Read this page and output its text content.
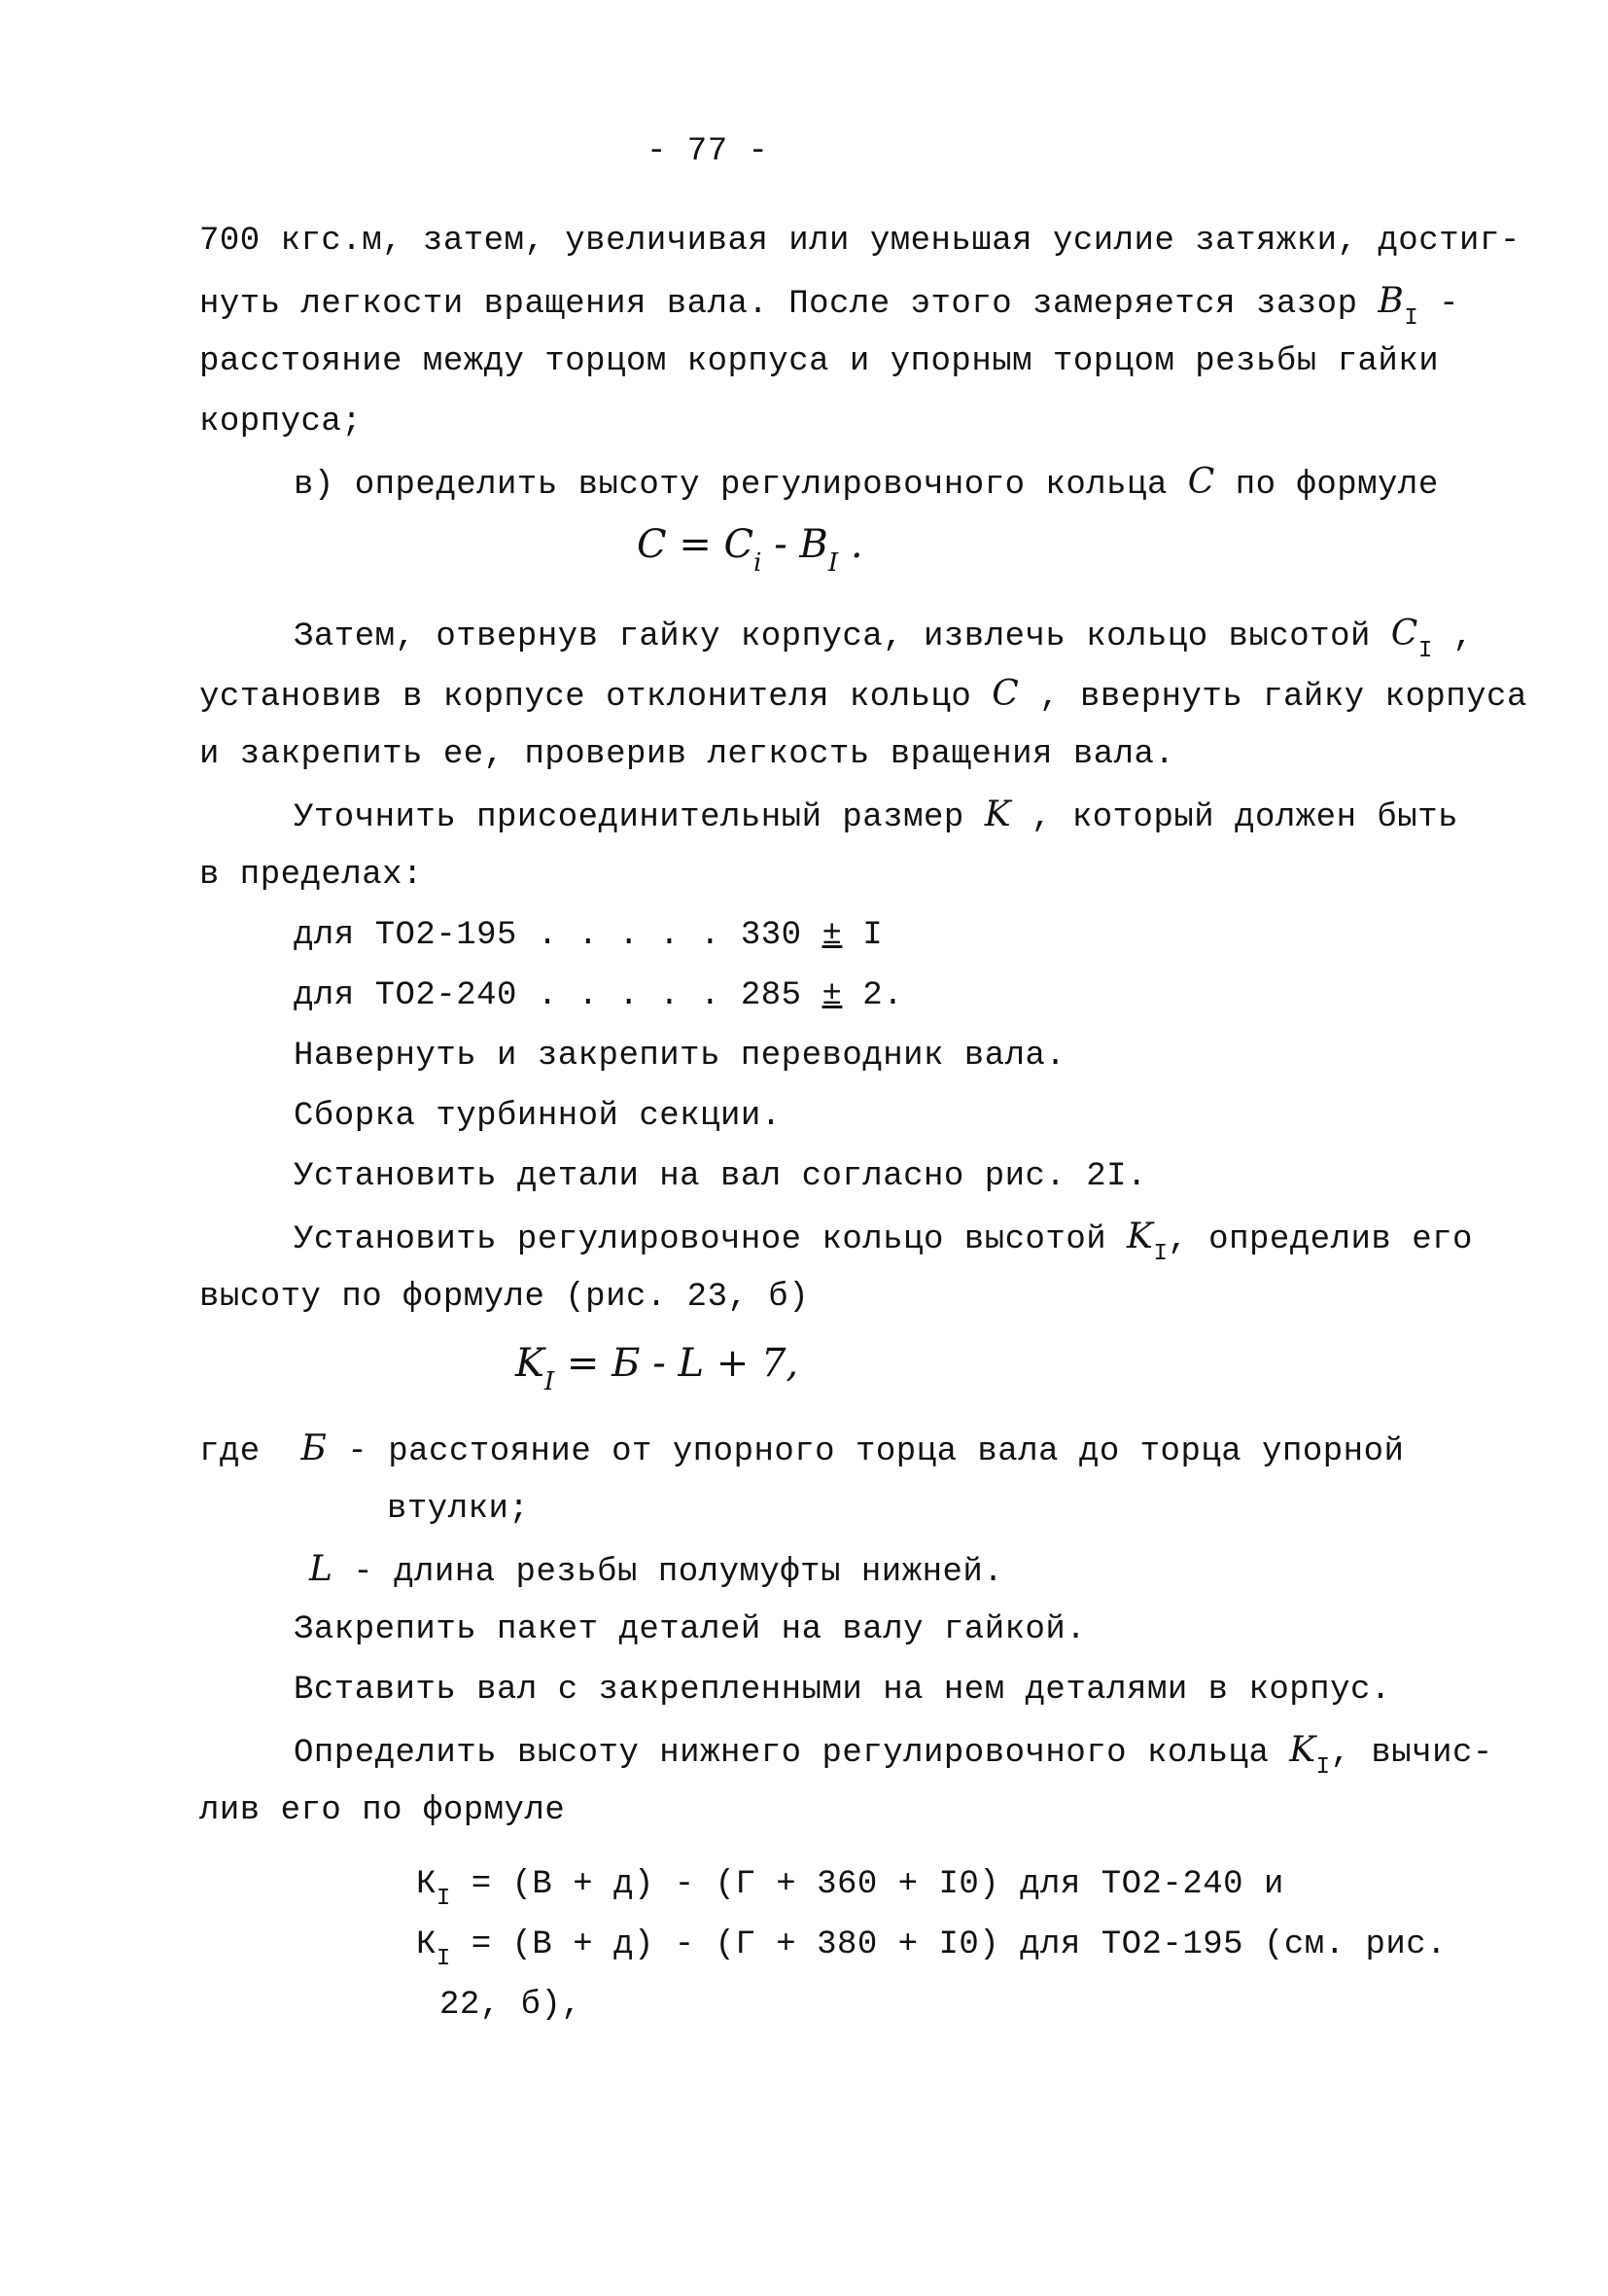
- 77 -
700 кгс.м, затем, увеличивая или уменьшая усилие затяжки, достиг-
нуть легкости вращения вала. После этого замеряется зазор $B_I$ -
расстояние между торцом корпуса и упорным торцом резьбы гайки
корпуса;
в) определить высоту регулировочного кольца C по формуле
$C = C_i - B_I$ .
Затем, отвернув гайку корпуса, извлечь кольцо высотой $C_I$ ,
установив в корпусе отклонителя кольцо C , ввернуть гайку корпуса
и закрепить ее, проверив легкость вращения вала.
Уточнить присоединительный размер K , который должен быть
в пределах:
для ТО2-195 . . . . . 330 ± I
для ТО2-240 . . . . . 285 ± 2.
Навернуть и закрепить переводник вала.
Сборка турбинной секции.
Установить детали на вал согласно рис. 2I.
Установить регулировочное кольцо высотой $K_I$, определив его
высоту по формуле (рис. 23, б)
$K_I = Б - L + 7$,
где Б - расстояние от упорного торца вала до торца упорной
втулки;
L - длина резьбы полумуфты нижней.
Закрепить пакет деталей на валу гайкой.
Вставить вал с закрепленными на нем деталями в корпус.
Определить высоту нижнего регулировочного кольца $K_I$, вычис-
лив его по формуле
$К_I = (В + д) - (Г + 360 + I0)$ для ТО2-240 и
$К_I = (В + д) - (Г + 380 + I0)$ для ТО2-195 (см. рис.
22, б),
